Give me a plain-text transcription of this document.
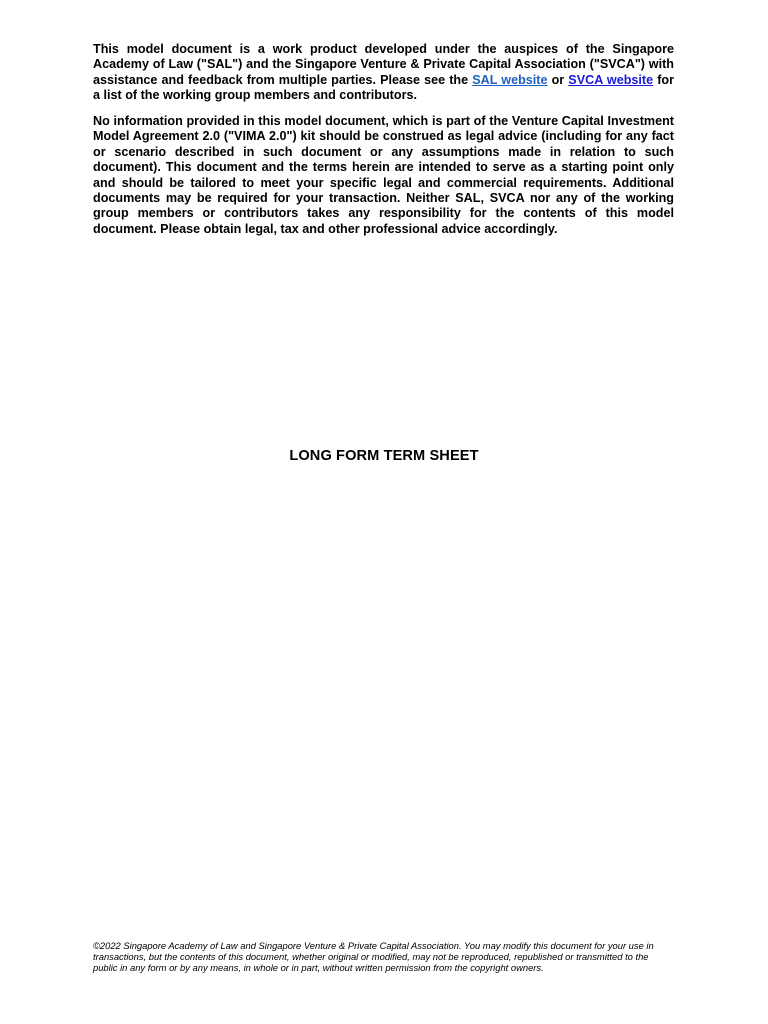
This model document is a work product developed under the auspices of the Singapore Academy of Law ("SAL") and the Singapore Venture & Private Capital Association ("SVCA") with assistance and feedback from multiple parties. Please see the SAL website or SVCA website for a list of the working group members and contributors.

No information provided in this model document, which is part of the Venture Capital Investment Model Agreement 2.0 ("VIMA 2.0") kit should be construed as legal advice (including for any fact or scenario described in such document or any assumptions made in relation to such document). This document and the terms herein are intended to serve as a starting point only and should be tailored to meet your specific legal and commercial requirements. Additional documents may be required for your transaction. Neither SAL, SVCA nor any of the working group members or contributors takes any responsibility for the contents of this model document. Please obtain legal, tax and other professional advice accordingly.

LONG FORM TERM SHEET

©2022 Singapore Academy of Law and Singapore Venture & Private Capital Association. You may modify this document for your use in transactions, but the contents of this document, whether original or modified, may not be reproduced, republished or transmitted to the public in any form or by any means, in whole or in part, without written permission from the copyright owners.
